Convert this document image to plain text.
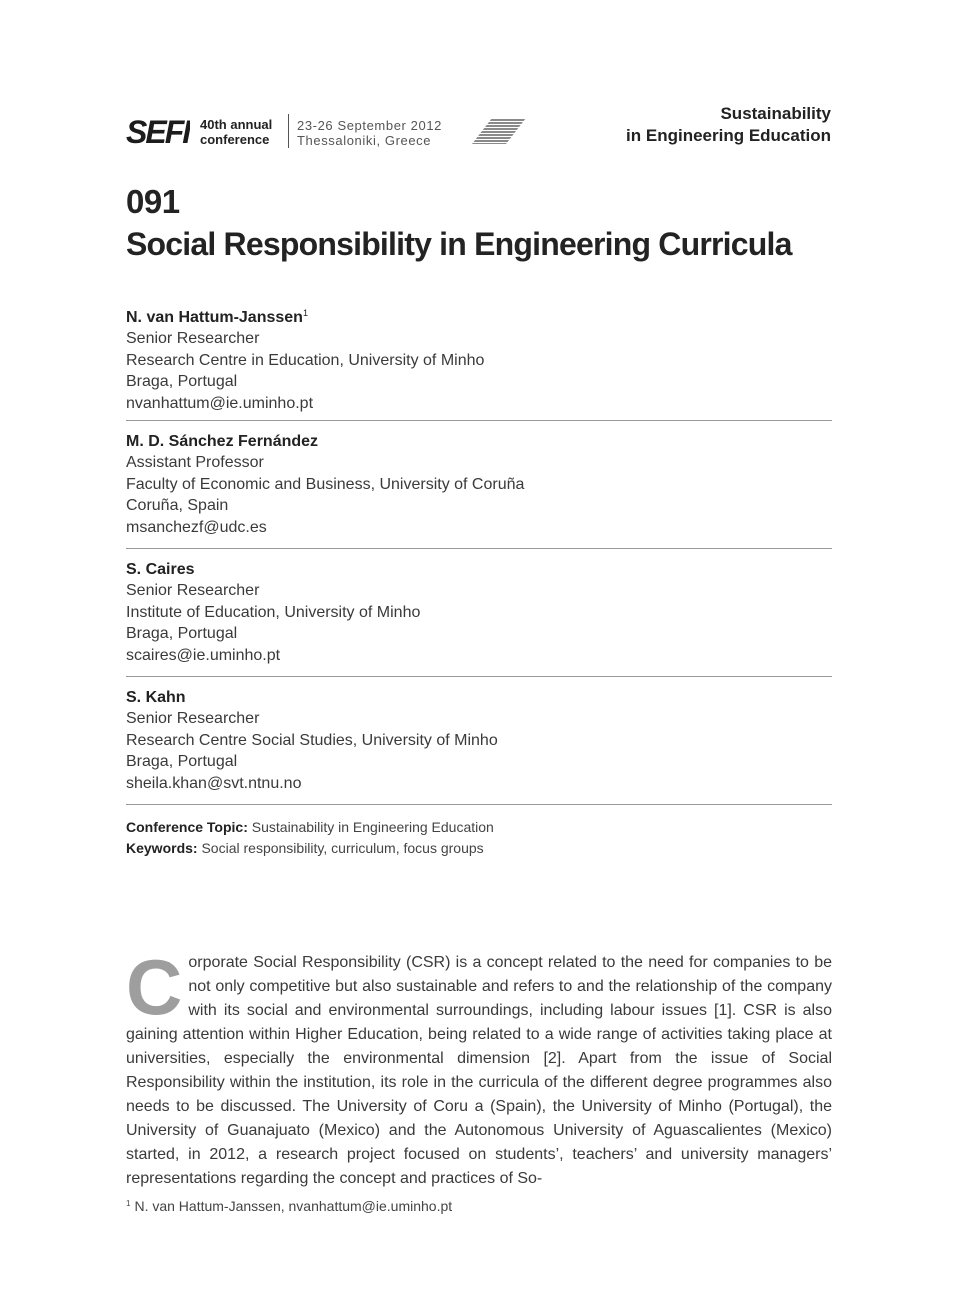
SEFI 40th annual
conference
23-26 September 2012
Thessaloniki, Greece
Sustainability
in Engineering Education
091
Social Responsibility in Engineering Curricula
N. van Hattum-Janssen$^1$
Senior Researcher
Research Centre in Education, University of Minho
Braga, Portugal
nvanhattum@ie.uminho.pt
M. D. Sánchez Fernández
Assistant Professor
Faculty of Economic and Business, University of Coruña
Coruña, Spain
msanchezf@udc.es
S. Caires
Senior Researcher
Institute of Education, University of Minho
Braga, Portugal
scaires@ie.uminho.pt
S. Kahn
Senior Researcher
Research Centre Social Studies, University of Minho
Braga, Portugal
sheila.khan@svt.ntnu.no
Conference Topic: Sustainability in Engineering Education
Keywords: Social responsibility, curriculum, focus groups
Corporate Social Responsibility (CSR) is a concept related to the need for companies to be not only competitive but also sustainable and refers to and the relationship of the company with its social and environmental surroundings, including labour issues [1]. CSR is also gaining attention within Higher Education, being related to a wide range of activities taking place at universities, especially the environmental dimension [2]. Apart from the issue of Social Responsibility within the institution, its role in the curricula of the different degree programmes also needs to be discussed. The University of Coru a (Spain), the University of Minho (Portugal), the University of Guanajuato (Mexico) and the Autonomous University of Aguascalientes (Mexico) started, in 2012, a research project focused on students’, teachers’ and university managers’ representations regarding the concept and practices of So-
$^1$ N. van Hattum-Janssen, nvanhattum@ie.uminho.pt
